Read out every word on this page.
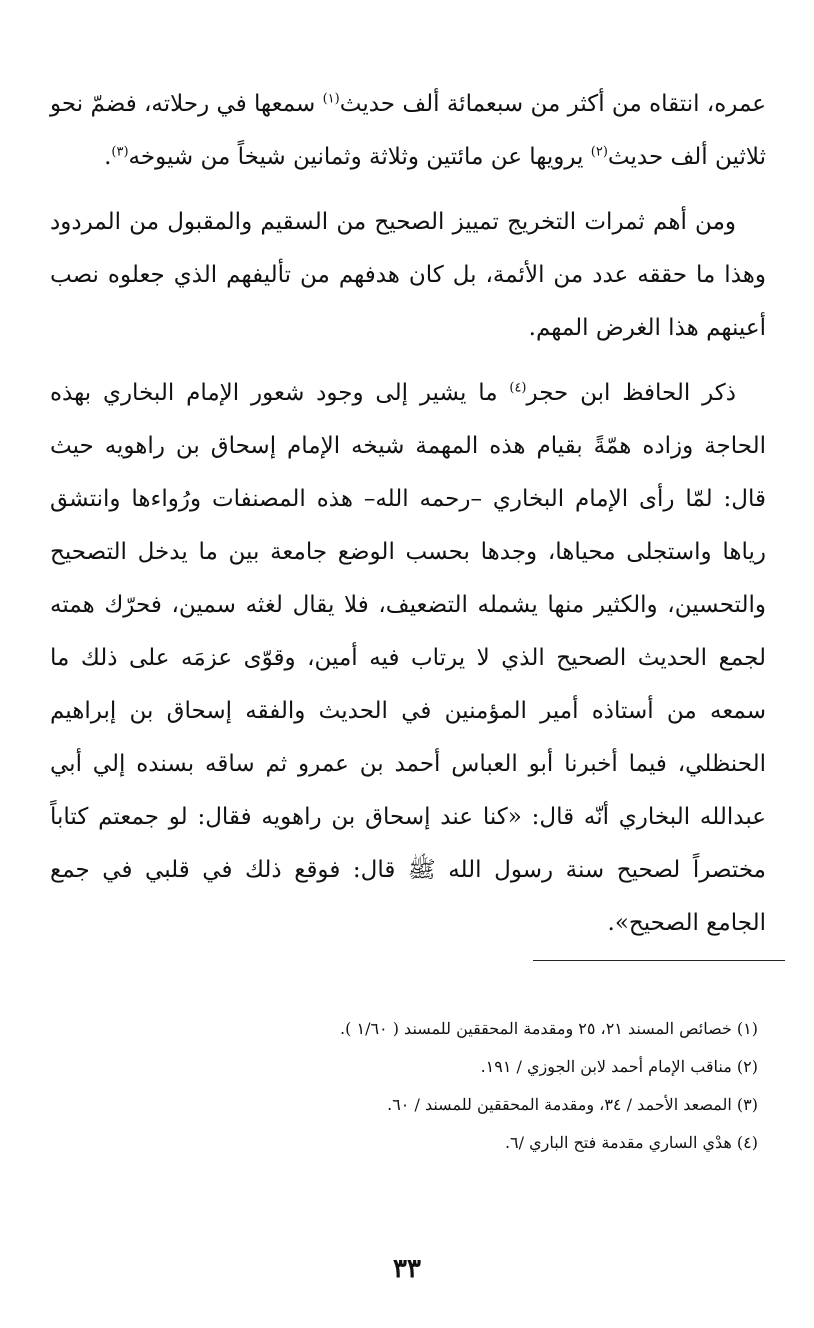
عمره، انتقاه من أكثر من سبعمائة ألف حديث$^{(١)}$ سمعها في رحلاته، فضمّ نحو ثلاثين ألف حديث$^{(٢)}$ يرويها عن مائتين وثلاثة وثمانين شيخاً من شيوخه$^{(٣)}$.

ومن أهم ثمرات التخريج تمييز الصحيح من السقيم والمقبول من المردود وهذا ما حققه عدد من الأئمة، بل كان هدفهم من تأليفهم الذي جعلوه نصب أعينهم هذا الغرض المهم.

ذكر الحافظ ابن حجر$^{(٤)}$ ما يشير إلى وجود شعور الإمام البخاري بهذه الحاجة وزاده همّةً بقيام هذه المهمة شيخه الإمام إسحاق بن راهويه حيث قال: لمّا رأى الإمام البخاري –رحمه الله– هذه المصنفات ورُواءها وانتشق رياها واستجلى محياها، وجدها بحسب الوضع جامعة بين ما يدخل التصحيح والتحسين، والكثير منها يشمله التضعيف، فلا يقال لغثه سمين، فحرّك همته لجمع الحديث الصحيح الذي لا يرتاب فيه أمين، وقوّى عزمَه على ذلك ما سمعه من أستاذه أمير المؤمنين في الحديث والفقه إسحاق بن إبراهيم الحنظلي، فيما أخبرنا أبو العباس أحمد بن عمرو ثم ساقه بسنده إلي أبي عبدالله البخاري أنّه قال: «كنا عند إسحاق بن راهويه فقال: لو جمعتم كتاباً مختصراً لصحيح سنة رسول الله ﷺ قال: فوقع ذلك في قلبي في جمع الجامع الصحيح».

(١) خصائص المسند ٢١، ٢٥ ومقدمة المحققين للمسند ( ١/٦٠ ).

(٢) مناقب الإمام أحمد لابن الجوزي / ١٩١.

(٣) المصعد الأحمد / ٣٤، ومقدمة المحققين للمسند / ٦٠.

(٤) هدْي الساري مقدمة فتح الباري /٦.

٣٣
